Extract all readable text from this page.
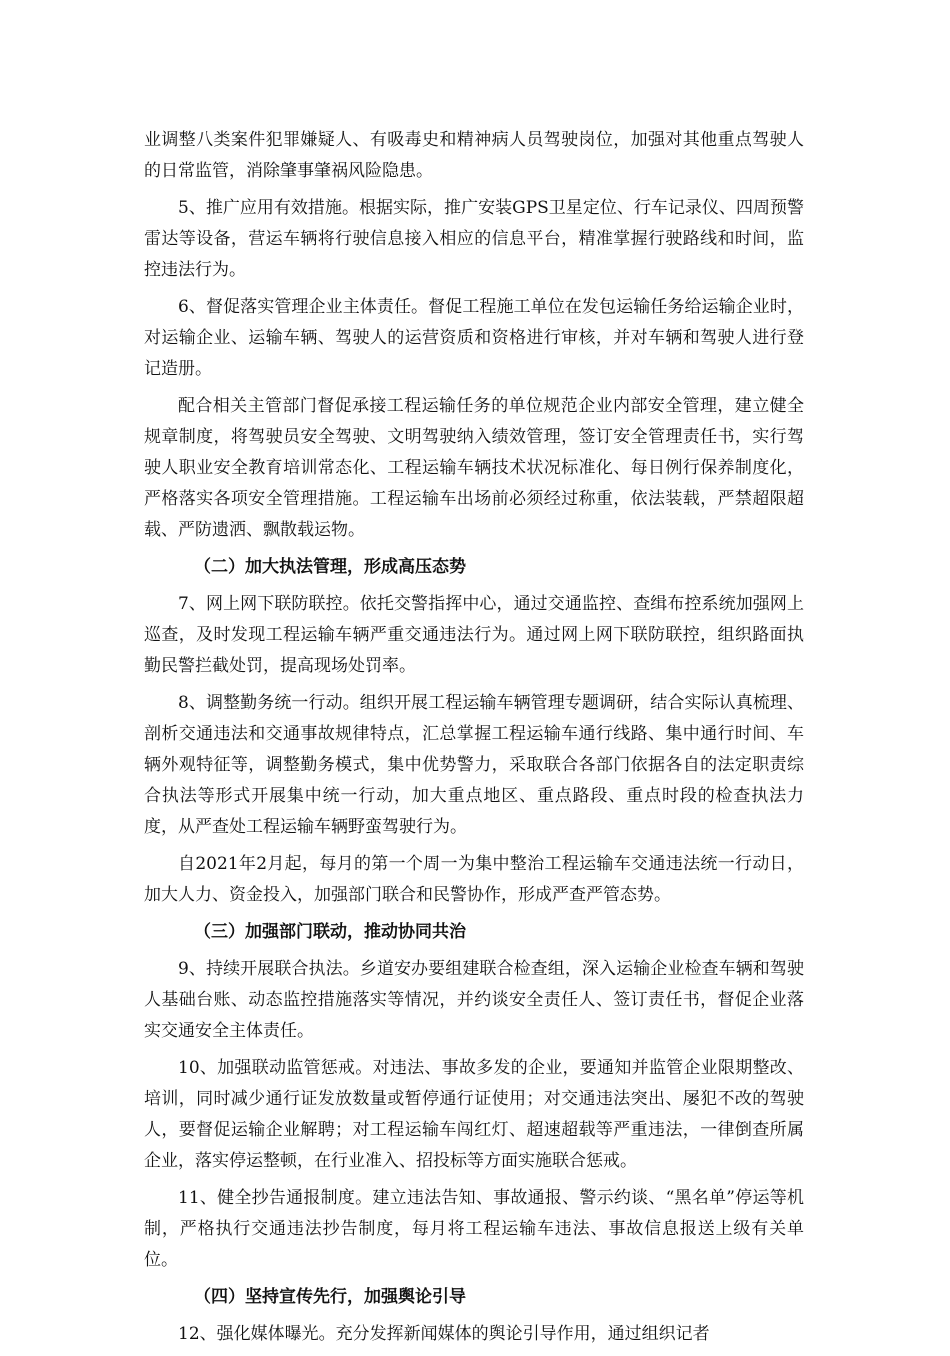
业调整八类案件犯罪嫌疑人、有吸毒史和精神病人员驾驶岗位，加强对其他重点驾驶人的日常监管，消除肇事肇祸风险隐患。

5、推广应用有效措施。根据实际，推广安装GPS卫星定位、行车记录仪、四周预警雷达等设备，营运车辆将行驶信息接入相应的信息平台，精准掌握行驶路线和时间，监控违法行为。

6、督促落实管理企业主体责任。督促工程施工单位在发包运输任务给运输企业时，对运输企业、运输车辆、驾驶人的运营资质和资格进行审核，并对车辆和驾驶人进行登记造册。

配合相关主管部门督促承接工程运输任务的单位规范企业内部安全管理，建立健全规章制度，将驾驶员安全驾驶、文明驾驶纳入绩效管理，签订安全管理责任书，实行驾驶人职业安全教育培训常态化、工程运输车辆技术状况标准化、每日例行保养制度化，严格落实各项安全管理措施。工程运输车出场前必须经过称重，依法装载，严禁超限超载、严防遗洒、飘散载运物。

（二）加大执法管理，形成高压态势

7、网上网下联防联控。依托交警指挥中心，通过交通监控、查缉布控系统加强网上巡查，及时发现工程运输车辆严重交通违法行为。通过网上网下联防联控，组织路面执勤民警拦截处罚，提高现场处罚率。

8、调整勤务统一行动。组织开展工程运输车辆管理专题调研，结合实际认真梳理、剖析交通违法和交通事故规律特点，汇总掌握工程运输车通行线路、集中通行时间、车辆外观特征等，调整勤务模式，集中优势警力，采取联合各部门依据各自的法定职责综合执法等形式开展集中统一行动，加大重点地区、重点路段、重点时段的检查执法力度，从严查处工程运输车辆野蛮驾驶行为。

自2021年2月起，每月的第一个周一为集中整治工程运输车交通违法统一行动日，加大人力、资金投入，加强部门联合和民警协作，形成严查严管态势。

（三）加强部门联动，推动协同共治

9、持续开展联合执法。乡道安办要组建联合检查组，深入运输企业检查车辆和驾驶人基础台账、动态监控措施落实等情况，并约谈安全责任人、签订责任书，督促企业落实交通安全主体责任。

10、加强联动监管惩戒。对违法、事故多发的企业，要通知并监管企业限期整改、培训，同时减少通行证发放数量或暂停通行证使用；对交通违法突出、屡犯不改的驾驶人，要督促运输企业解聘；对工程运输车闯红灯、超速超载等严重违法，一律倒查所属企业，落实停运整顿，在行业准入、招投标等方面实施联合惩戒。

11、健全抄告通报制度。建立违法告知、事故通报、警示约谈、“黑名单”停运等机制，严格执行交通违法抄告制度，每月将工程运输车违法、事故信息报送上级有关单位。

（四）坚持宣传先行，加强舆论引导

12、强化媒体曝光。充分发挥新闻媒体的舆论引导作用，通过组织记者
